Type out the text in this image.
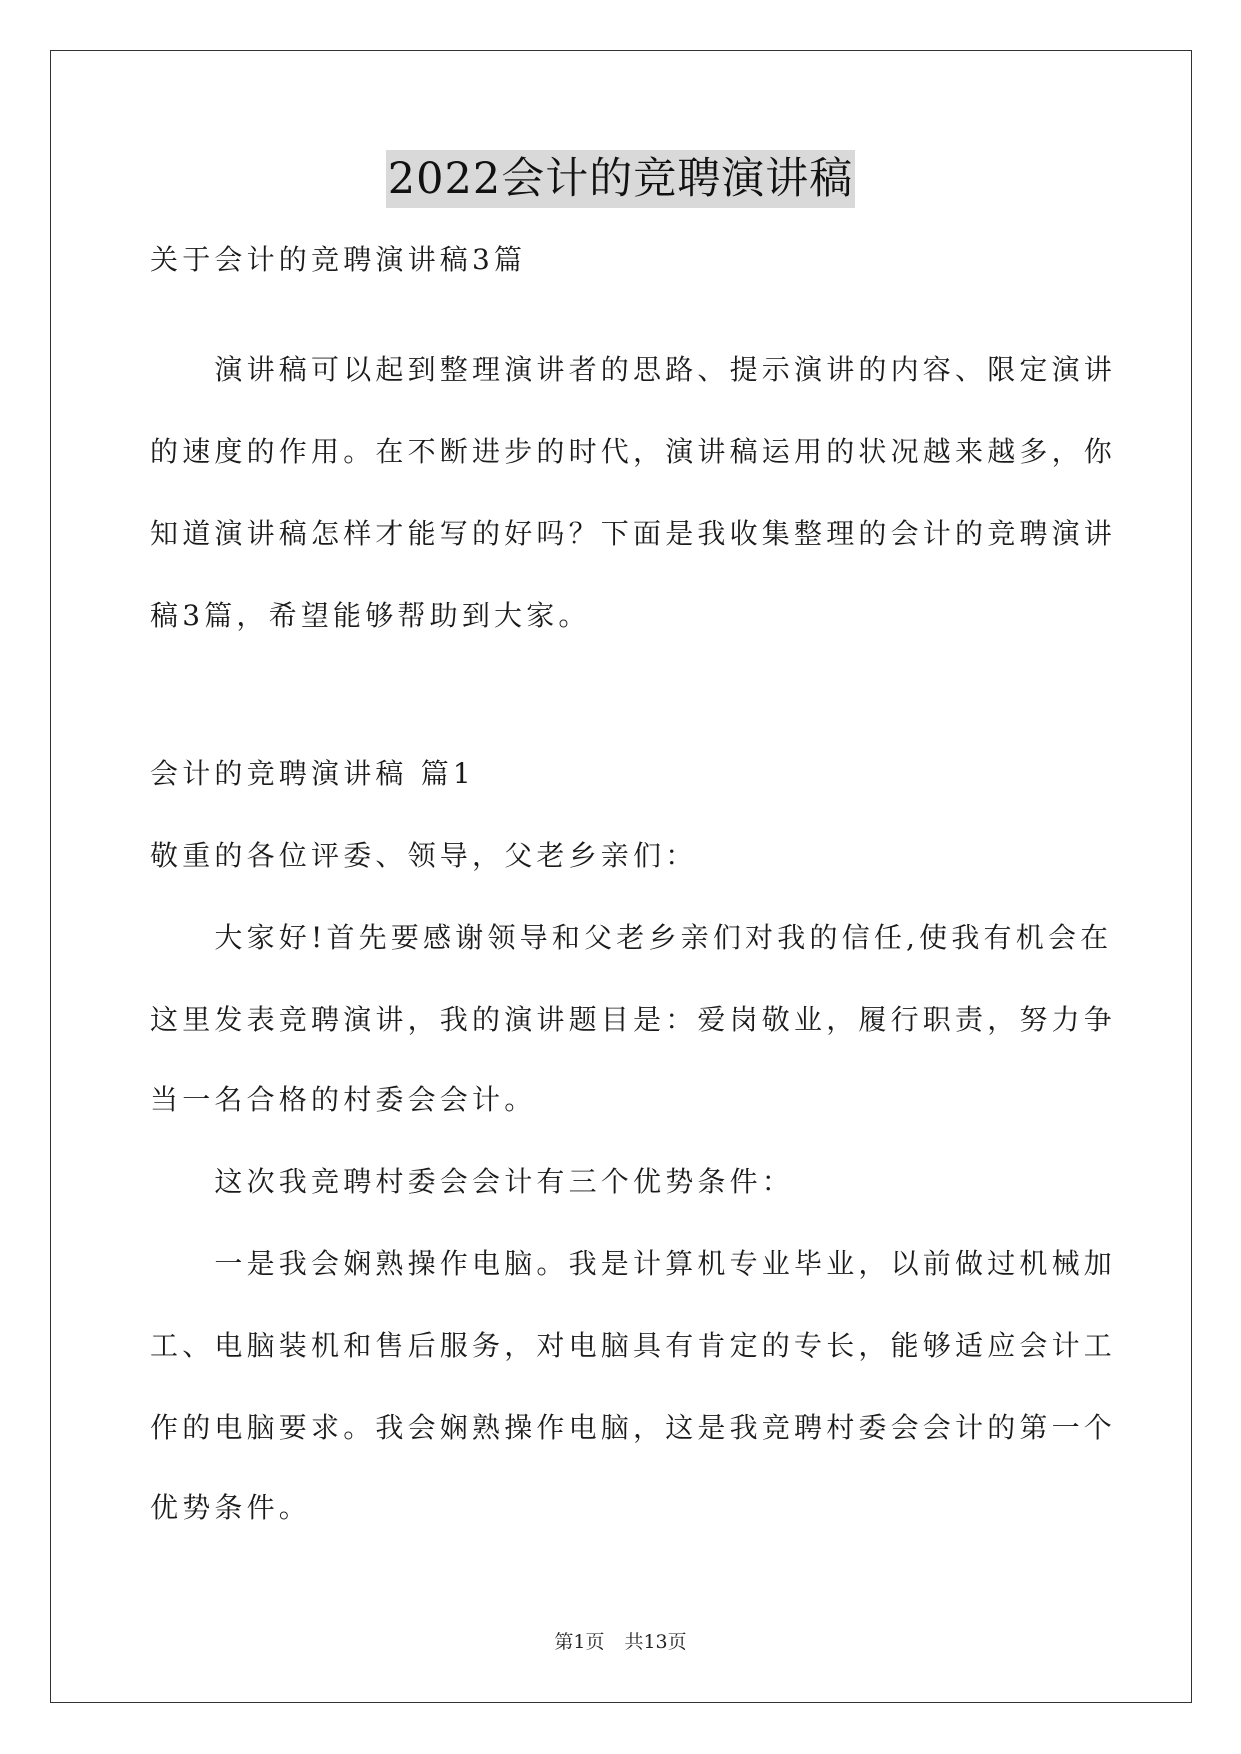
2022会计的竞聘演讲稿
关于会计的竞聘演讲稿3篇
　　演讲稿可以起到整理演讲者的思路、提示演讲的内容、限定演讲
的速度的作用。在不断进步的时代，演讲稿运用的状况越来越多，你
知道演讲稿怎样才能写的好吗？下面是我收集整理的会计的竞聘演讲
稿3篇，希望能够帮助到大家。
会计的竞聘演讲稿 篇1
敬重的各位评委、领导，父老乡亲们：
　　大家好!首先要感谢领导和父老乡亲们对我的信任,使我有机会在
这里发表竞聘演讲，我的演讲题目是：爱岗敬业，履行职责，努力争
当一名合格的村委会会计。
　　这次我竞聘村委会会计有三个优势条件：
　　一是我会娴熟操作电脑。我是计算机专业毕业，以前做过机械加
工、电脑装机和售后服务，对电脑具有肯定的专长，能够适应会计工
作的电脑要求。我会娴熟操作电脑，这是我竞聘村委会会计的第一个
优势条件。
第1页 共13页
